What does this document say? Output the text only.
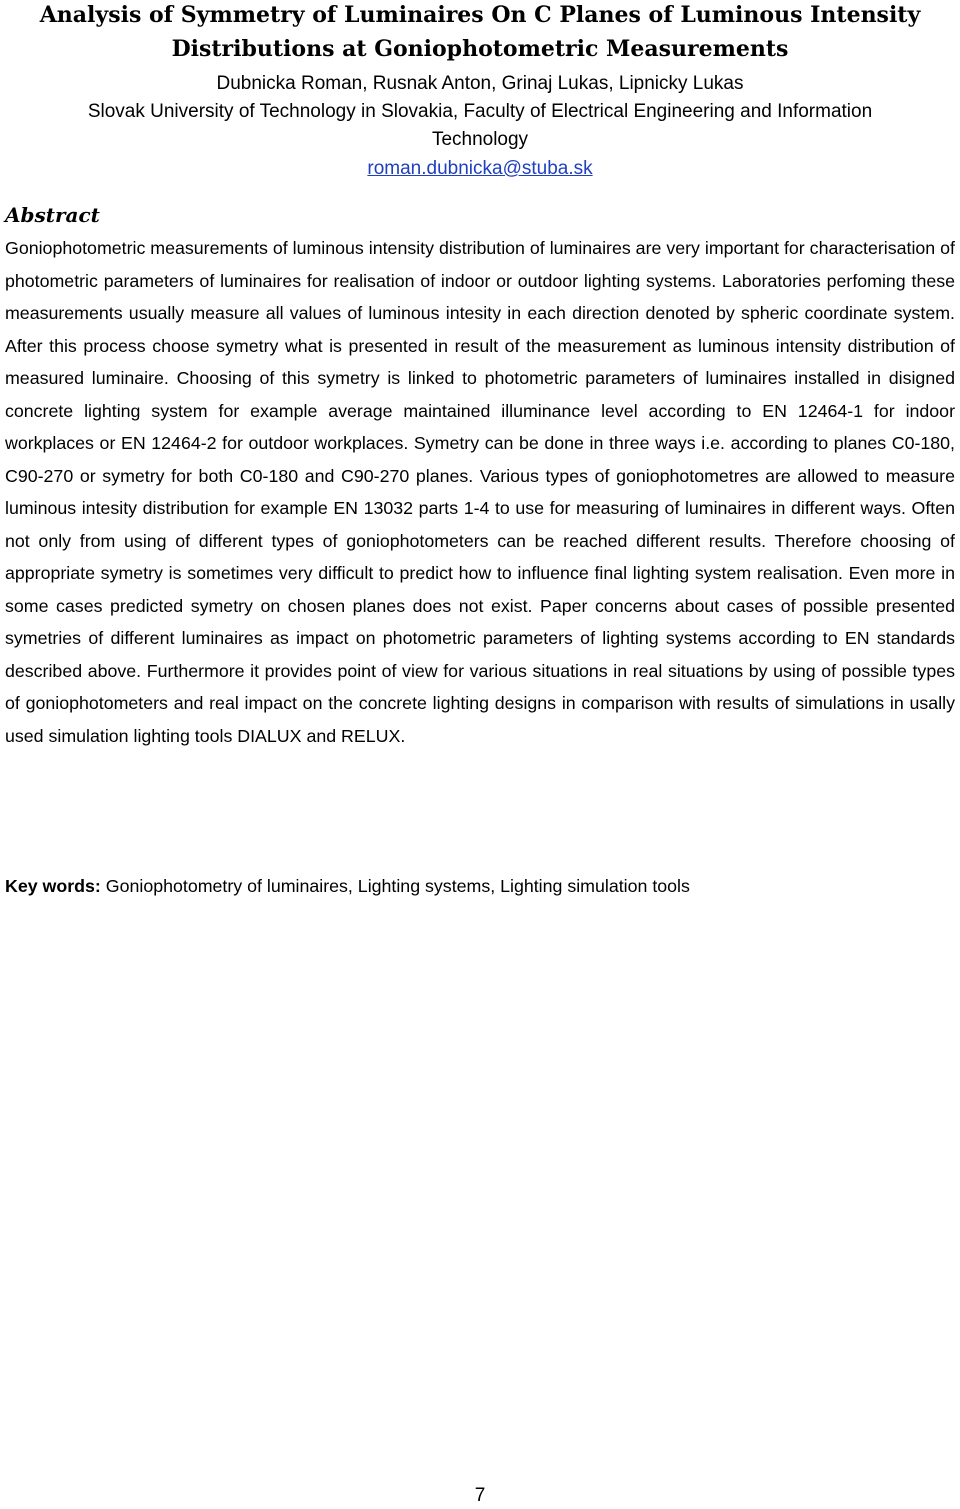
Analysis of Symmetry of Luminaires On C Planes of Luminous Intensity
Distributions at Goniophotometric Measurements

Dubnicka Roman, Rusnak Anton, Grinaj Lukas, Lipnicky Lukas

Slovak University of Technology in Slovakia, Faculty of Electrical Engineering and Information

Technology

roman.dubnicka@stuba.sk

Abstract

Goniophotometric measurements of luminous intensity distribution of luminaires are very important for characterisation of photometric parameters of luminaires for realisation of indoor or outdoor lighting systems. Laboratories perfoming these measurements usually measure all values of luminous intesity in each direction denoted by spheric coordinate system. After this process choose symetry what is presented in result of the measurement as luminous intensity distribution of measured luminaire. Choosing of this symetry is linked to photometric parameters of luminaires installed in disigned concrete lighting system for example average maintained illuminance level according to EN 12464-1 for indoor workplaces or EN 12464-2 for outdoor workplaces. Symetry can be done in three ways i.e. according to planes C0-180, C90-270 or symetry for both C0-180 and C90-270 planes. Various types of goniophotometres are allowed to measure luminous intesity distribution for example EN 13032 parts 1-4 to use for measuring of luminaires in different ways. Often not only from using of different types of goniophotometers can be reached different results. Therefore choosing of appropriate symetry is sometimes very difficult to predict how to influence final lighting system realisation. Even more in some cases predicted symetry on chosen planes does not exist. Paper concerns about cases of possible presented symetries of different luminaires as impact on photometric parameters of lighting systems according to EN standards described above. Furthermore it provides point of view for various situations in real situations by using of possible types of goniophotometers and real impact on the concrete lighting designs in comparison with results of simulations in usally used simulation lighting tools DIALUX and RELUX.

Key words: Goniophotometry of luminaires, Lighting systems, Lighting simulation tools

7
